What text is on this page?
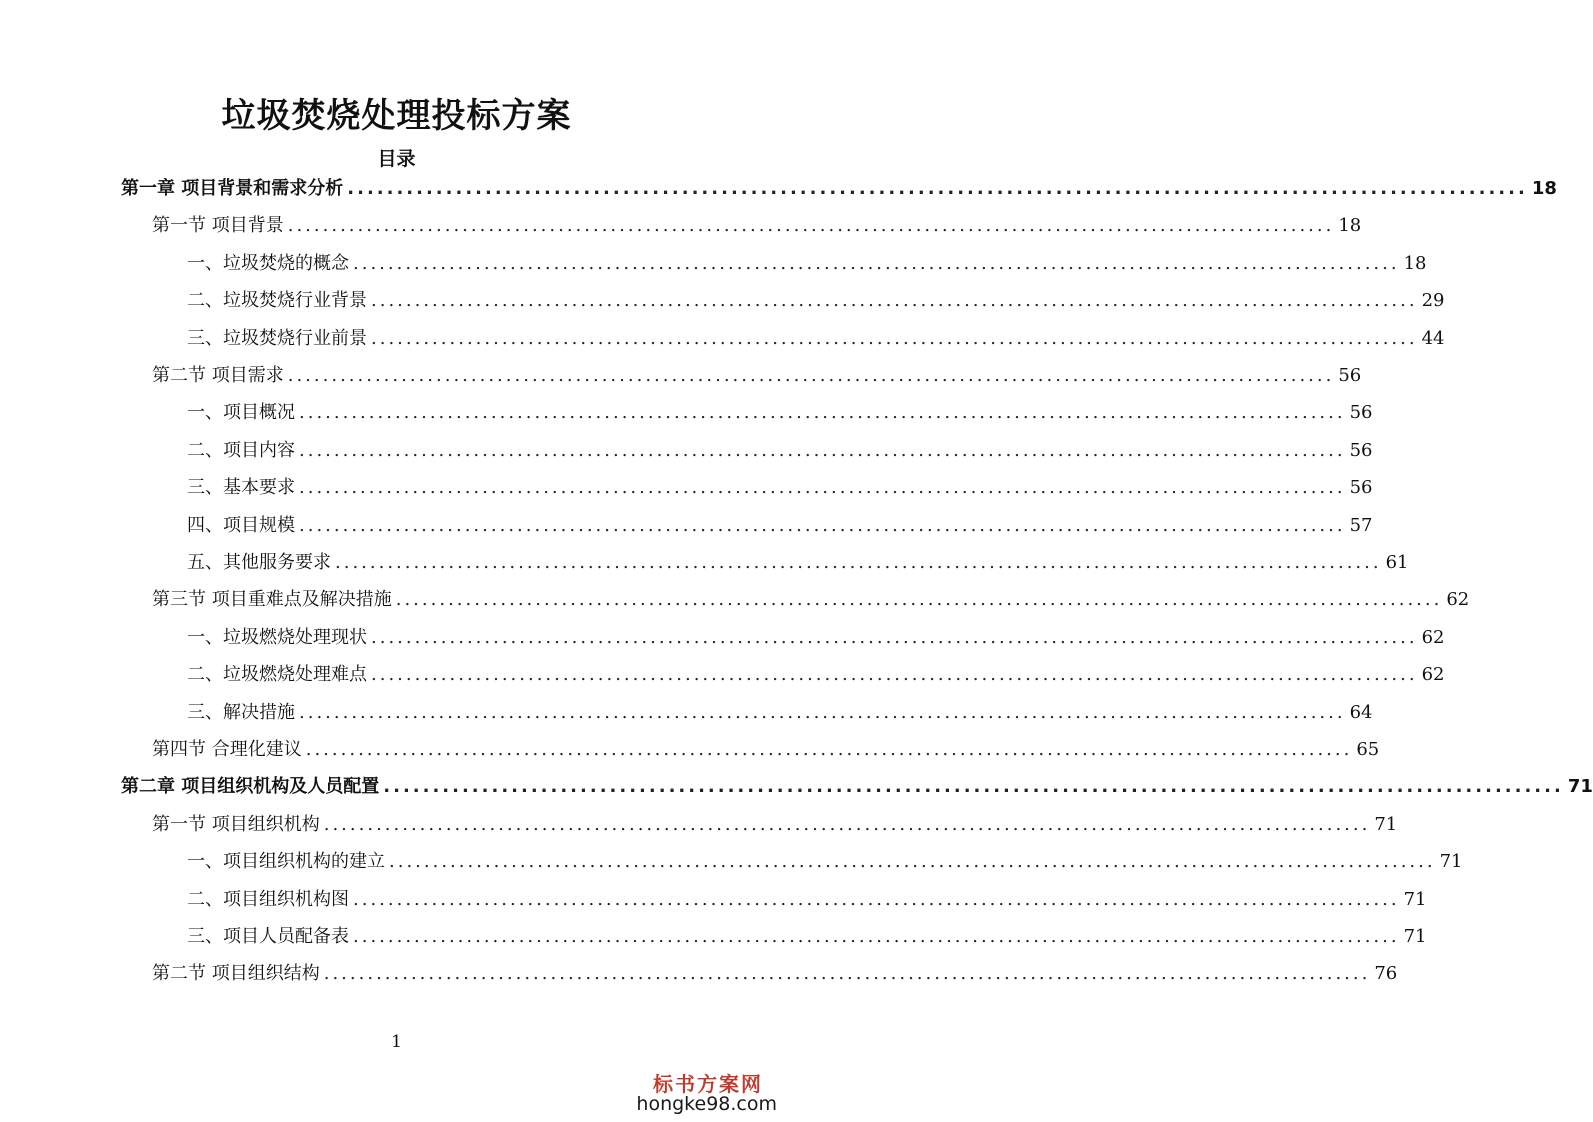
垃圾焚烧处理投标方案
目录
第一章 项目背景和需求分析 ........................................................................................................................ 18
第一节 项目背景 ........................................................................................................................ 18
一、垃圾焚烧的概念 ........................................................................................................................ 18
二、垃圾焚烧行业背景 ........................................................................................................................ 29
三、垃圾焚烧行业前景 ........................................................................................................................ 44
第二节 项目需求 ........................................................................................................................ 56
一、项目概况 ........................................................................................................................ 56
二、项目内容 ........................................................................................................................ 56
三、基本要求 ........................................................................................................................ 56
四、项目规模 ........................................................................................................................ 57
五、其他服务要求 ........................................................................................................................ 61
第三节 项目重难点及解决措施 ........................................................................................................................ 62
一、垃圾燃烧处理现状 ........................................................................................................................ 62
二、垃圾燃烧处理难点 ........................................................................................................................ 62
三、解决措施 ........................................................................................................................ 64
第四节 合理化建议 ........................................................................................................................ 65
第二章 项目组织机构及人员配置 ........................................................................................................................ 71
第一节 项目组织机构 ........................................................................................................................ 71
一、项目组织机构的建立 ........................................................................................................................ 71
二、项目组织机构图 ........................................................................................................................ 71
三、项目人员配备表 ........................................................................................................................ 71
第二节 项目组织结构 ........................................................................................................................ 76
1
标书方案网
hongke98.com
